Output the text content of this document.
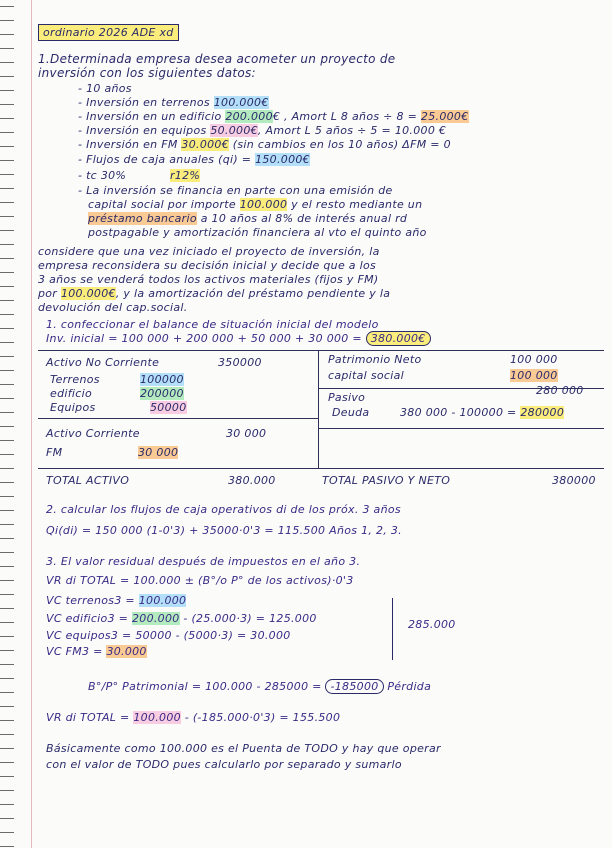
ordinario 2026 ADE xd
1.Determinada empresa desea acometer un proyecto de
inversión con los siguientes datos:
- 10 años
- Inversión en terrenos 100.000€
- Inversión en un edificio 200.000€ , Amort L 8 años ÷ 8 = 25.000€
- Inversión en equipos 50.000€, Amort L 5 años ÷ 5 = 10.000 €
- Inversión en FM 30.000€ (sin cambios en los 10 años) ΔFM = 0
- Flujos de caja anuales (qi) = 150.000€
- tc 30%	r12%
- La inversión se financia en parte con una emisión de
capital social por importe 100.000 y el resto mediante un
préstamo bancario a 10 años al 8% de interés anual rd
postpagable y amortización financiera al vto el quinto año
considere que una vez iniciado el proyecto de inversión, la
empresa reconsidera su decisión inicial y decide que a los
3 años se venderá todos los activos materiales (fijos y FM)
por 100.000€, y la amortización del préstamo pendiente y la
devolución del cap.social.
1. confeccionar el balance de situación inicial del modelo
Inv. inicial = 100 000 + 200 000 + 50 000 + 30 000 = 380.000€
Activo No Corriente	350000
Terrenos	100000
edificio	200000
Equipos	50000
Activo Corriente	30 000
FM	30 000
Patrimonio Neto	100 000
capital social	100 000
Pasivo
280 000
Deuda	380 000 - 100000 = 280000
TOTAL ACTIVO	380.000	TOTAL PASIVO Y NETO	380000
2. calcular los flujos de caja operativos di de los próx. 3 años
Qi(di) = 150 000 (1-0'3) + 35000·0'3 = 115.500 Años 1, 2, 3.
3. El valor residual después de impuestos en el año 3.
VR di TOTAL = 100.000 ± (B°/o P° de los activos)·0'3
VC terrenos3 = 100.000
VC edificio3 = 200.000 - (25.000·3) = 125.000
VC equipos3 = 50000 - (5000·3) = 30.000
VC FM3 = 30.000
285.000
B°/P° Patrimonial = 100.000 - 285000 = -185000 Pérdida
VR di TOTAL = 100.000 - (-185.000·0'3) = 155.500
Básicamente como 100.000 es el Puenta de TODO y hay que operar
con el valor de TODO pues calcularlo por separado y sumarlo
